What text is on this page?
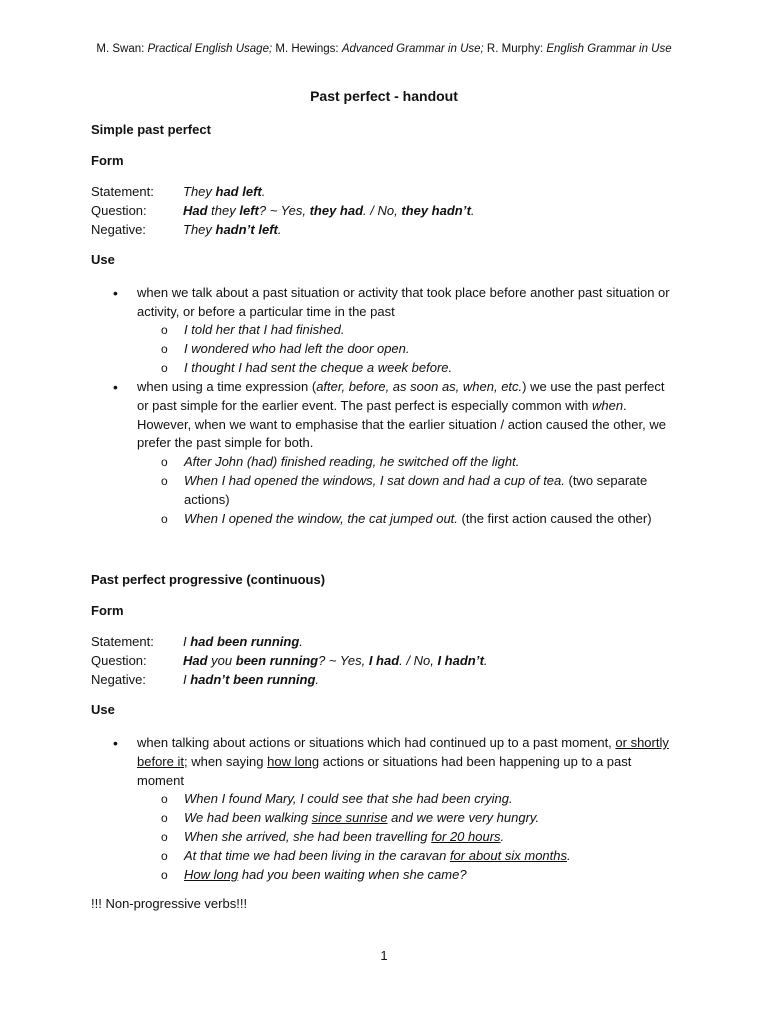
M. Swan: Practical English Usage; M. Hewings: Advanced Grammar in Use; R. Murphy: English Grammar in Use
Past perfect - handout
Simple past perfect
Form
Statement: They had left.
Question:	Had they left? ~ Yes, they had. / No, they hadn’t.
Negative:	They hadn’t left.
Use
• when we talk about a past situation or activity that took place before another past situation or activity, or before a particular time in the past
o I told her that I had finished.
o I wondered who had left the door open.
o I thought I had sent the cheque a week before.
• when using a time expression (after, before, as soon as, when, etc.) we use the past perfect or past simple for the earlier event. The past perfect is especially common with when. However, when we want to emphasise that the earlier situation / action caused the other, we prefer the past simple for both.
o After John (had) finished reading, he switched off the light.
o When I had opened the windows, I sat down and had a cup of tea. (two separate actions)
o When I opened the window, the cat jumped out. (the first action caused the other)
Past perfect progressive (continuous)
Form
Statement: I had been running.
Question:	Had you been running? ~ Yes, I had. / No, I hadn’t.
Negative:	I hadn’t been running.
Use
• when talking about actions or situations which had continued up to a past moment, or shortly before it; when saying how long actions or situations had been happening up to a past moment
o When I found Mary, I could see that she had been crying.
o We had been walking since sunrise and we were very hungry.
o When she arrived, she had been travelling for 20 hours.
o At that time we had been living in the caravan for about six months.
o How long had you been waiting when she came?
!!! Non-progressive verbs!!!
1
